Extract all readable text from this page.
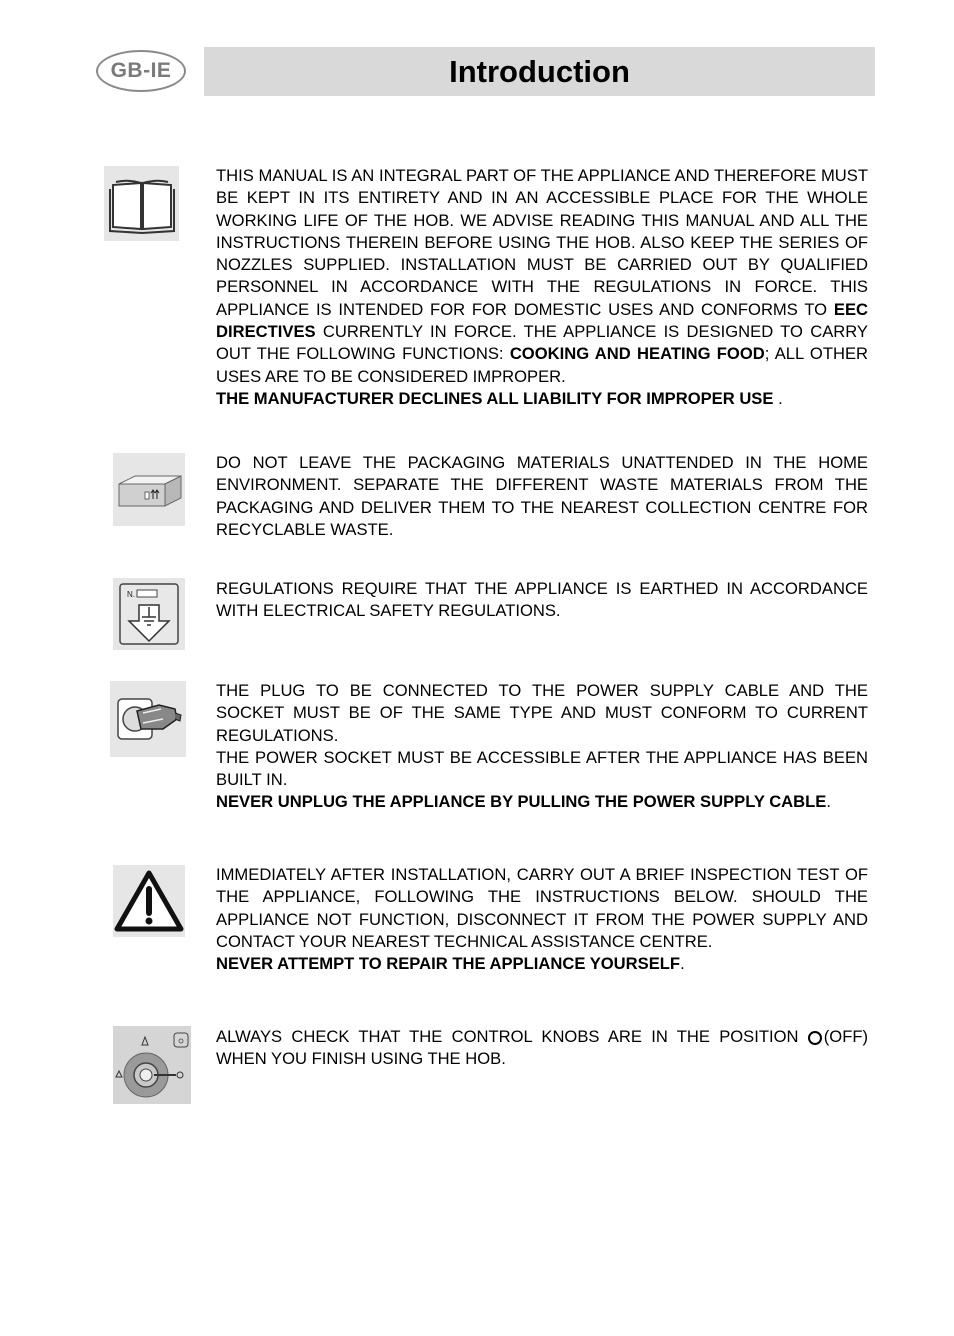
GB-IE	Introduction

THIS MANUAL IS AN INTEGRAL PART OF THE APPLIANCE AND THEREFORE MUST BE KEPT IN ITS ENTIRETY AND IN AN ACCESSIBLE PLACE FOR THE WHOLE WORKING LIFE OF THE HOB. WE ADVISE READING THIS MANUAL AND ALL THE INSTRUCTIONS THEREIN BEFORE USING THE HOB. ALSO KEEP THE SERIES OF NOZZLES SUPPLIED. INSTALLATION MUST BE CARRIED OUT BY QUALIFIED PERSONNEL IN ACCORDANCE WITH THE REGULATIONS IN FORCE. THIS APPLIANCE IS INTENDED FOR FOR DOMESTIC USES AND CONFORMS TO EEC DIRECTIVES CURRENTLY IN FORCE. THE APPLIANCE IS DESIGNED TO CARRY OUT THE FOLLOWING FUNCTIONS: COOKING AND HEATING FOOD; ALL OTHER USES ARE TO BE CONSIDERED IMPROPER.

THE MANUFACTURER DECLINES ALL LIABILITY FOR IMPROPER USE .

DO NOT LEAVE THE PACKAGING MATERIALS UNATTENDED IN THE HOME ENVIRONMENT. SEPARATE THE DIFFERENT WASTE MATERIALS FROM THE PACKAGING AND DELIVER THEM TO THE NEAREST COLLECTION CENTRE FOR RECYCLABLE WASTE.

N.	REGULATIONS REQUIRE THAT THE APPLIANCE IS EARTHED IN ACCORDANCE WITH ELECTRICAL SAFETY REGULATIONS.

THE PLUG TO BE CONNECTED TO THE POWER SUPPLY CABLE AND THE SOCKET MUST BE OF THE SAME TYPE AND MUST CONFORM TO CURRENT REGULATIONS.

THE POWER SOCKET MUST BE ACCESSIBLE AFTER THE APPLIANCE HAS BEEN BUILT IN.

NEVER UNPLUG THE APPLIANCE BY PULLING THE POWER SUPPLY CABLE.

IMMEDIATELY AFTER INSTALLATION, CARRY OUT A BRIEF INSPECTION TEST OF THE APPLIANCE, FOLLOWING THE INSTRUCTIONS BELOW. SHOULD THE APPLIANCE NOT FUNCTION, DISCONNECT IT FROM THE POWER SUPPLY AND CONTACT YOUR NEAREST TECHNICAL ASSISTANCE CENTRE.

NEVER ATTEMPT TO REPAIR THE APPLIANCE YOURSELF.

ALWAYS CHECK THAT THE CONTROL KNOBS ARE IN THE POSITION (OFF) WHEN YOU FINISH USING THE HOB.
